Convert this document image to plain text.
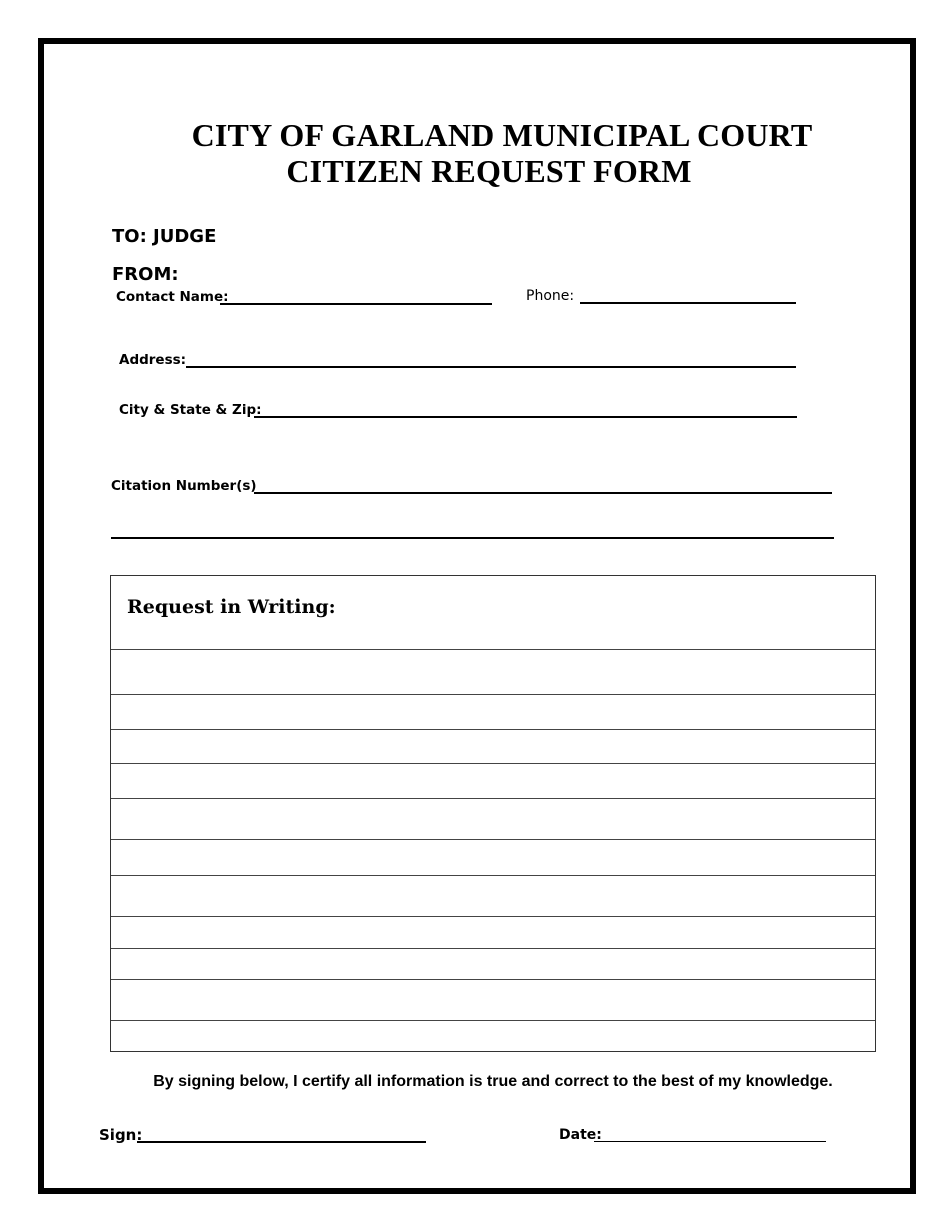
CITY OF GARLAND MUNICIPAL COURT
CITIZEN REQUEST FORM
TO: JUDGE
FROM:
Contact Name:	Phone:
Address:
City & State & Zip:
Citation Number(s)
Request in Writing:
By signing below, I certify all information is true and correct to the best of my knowledge.
Sign:	Date:
